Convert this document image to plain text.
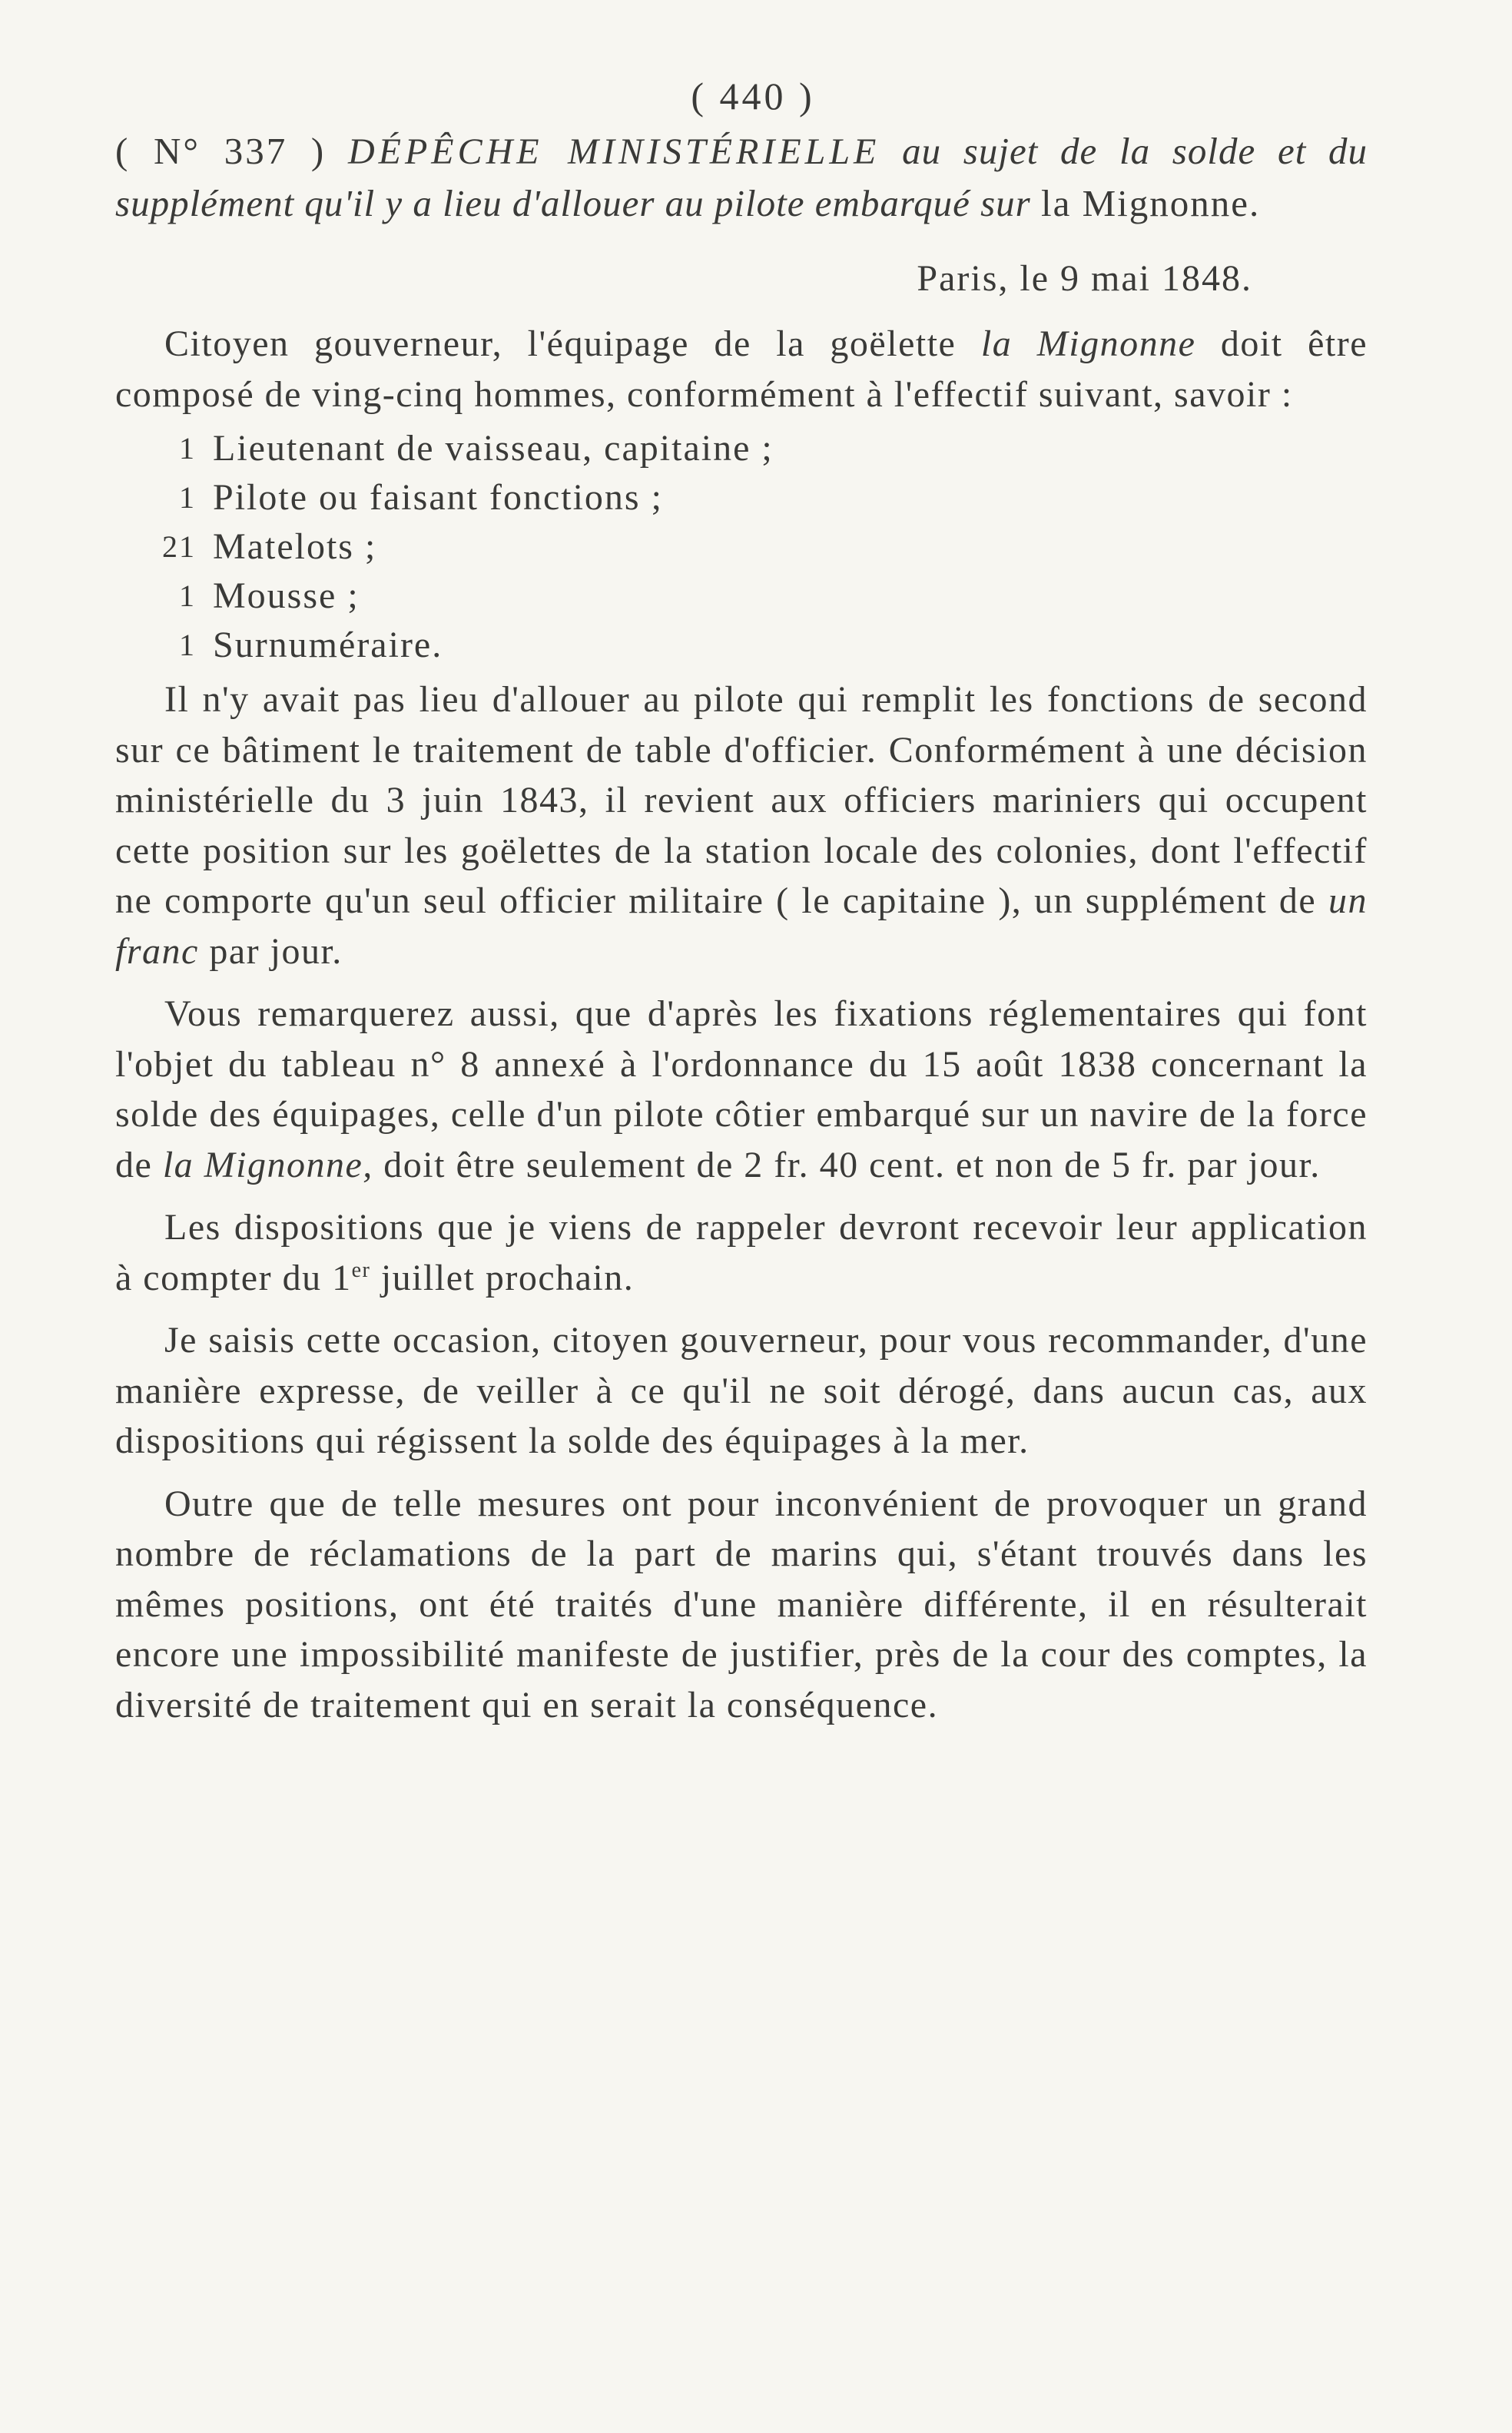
( 440 )
( N° 337 ) DÉPÊCHE MINISTÉRIELLE au sujet de la solde et du supplément qu'il y a lieu d'allouer au pilote embarqué sur la Mignonne.
Paris, le 9 mai 1848.

Citoyen gouverneur, l'équipage de la goëlette la Mignonne doit être composé de ving-cinq hommes, conformément à l'effectif suivant, savoir :

1 Lieutenant de vaisseau, capitaine ;
1 Pilote ou faisant fonctions ;
21 Matelots ;
1 Mousse ;
1 Surnuméraire.

Il n'y avait pas lieu d'allouer au pilote qui remplit les fonctions de second sur ce bâtiment le traitement de table d'officier. Conformément à une décision ministérielle du 3 juin 1843, il revient aux officiers mariniers qui occupent cette position sur les goëlettes de la station locale des colonies, dont l'effectif ne comporte qu'un seul officier militaire ( le capitaine ), un supplément de un franc par jour.

Vous remarquerez aussi, que d'après les fixations réglementaires qui font l'objet du tableau n° 8 annexé à l'ordonnance du 15 août 1838 concernant la solde des équipages, celle d'un pilote côtier embarqué sur un navire de la force de la Mignonne, doit être seulement de 2 fr. 40 cent. et non de 5 fr. par jour.

Les dispositions que je viens de rappeler devront recevoir leur application à compter du 1er juillet prochain.

Je saisis cette occasion, citoyen gouverneur, pour vous recommander, d'une manière expresse, de veiller à ce qu'il ne soit dérogé, dans aucun cas, aux dispositions qui régissent la solde des équipages à la mer.

Outre que de telle mesures ont pour inconvénient de provoquer un grand nombre de réclamations de la part de marins qui, s'étant trouvés dans les mêmes positions, ont été traités d'une manière différente, il en résulterait encore une impossibilité manifeste de justifier, près de la cour des comptes, la diversité de traitement qui en serait la conséquence.
